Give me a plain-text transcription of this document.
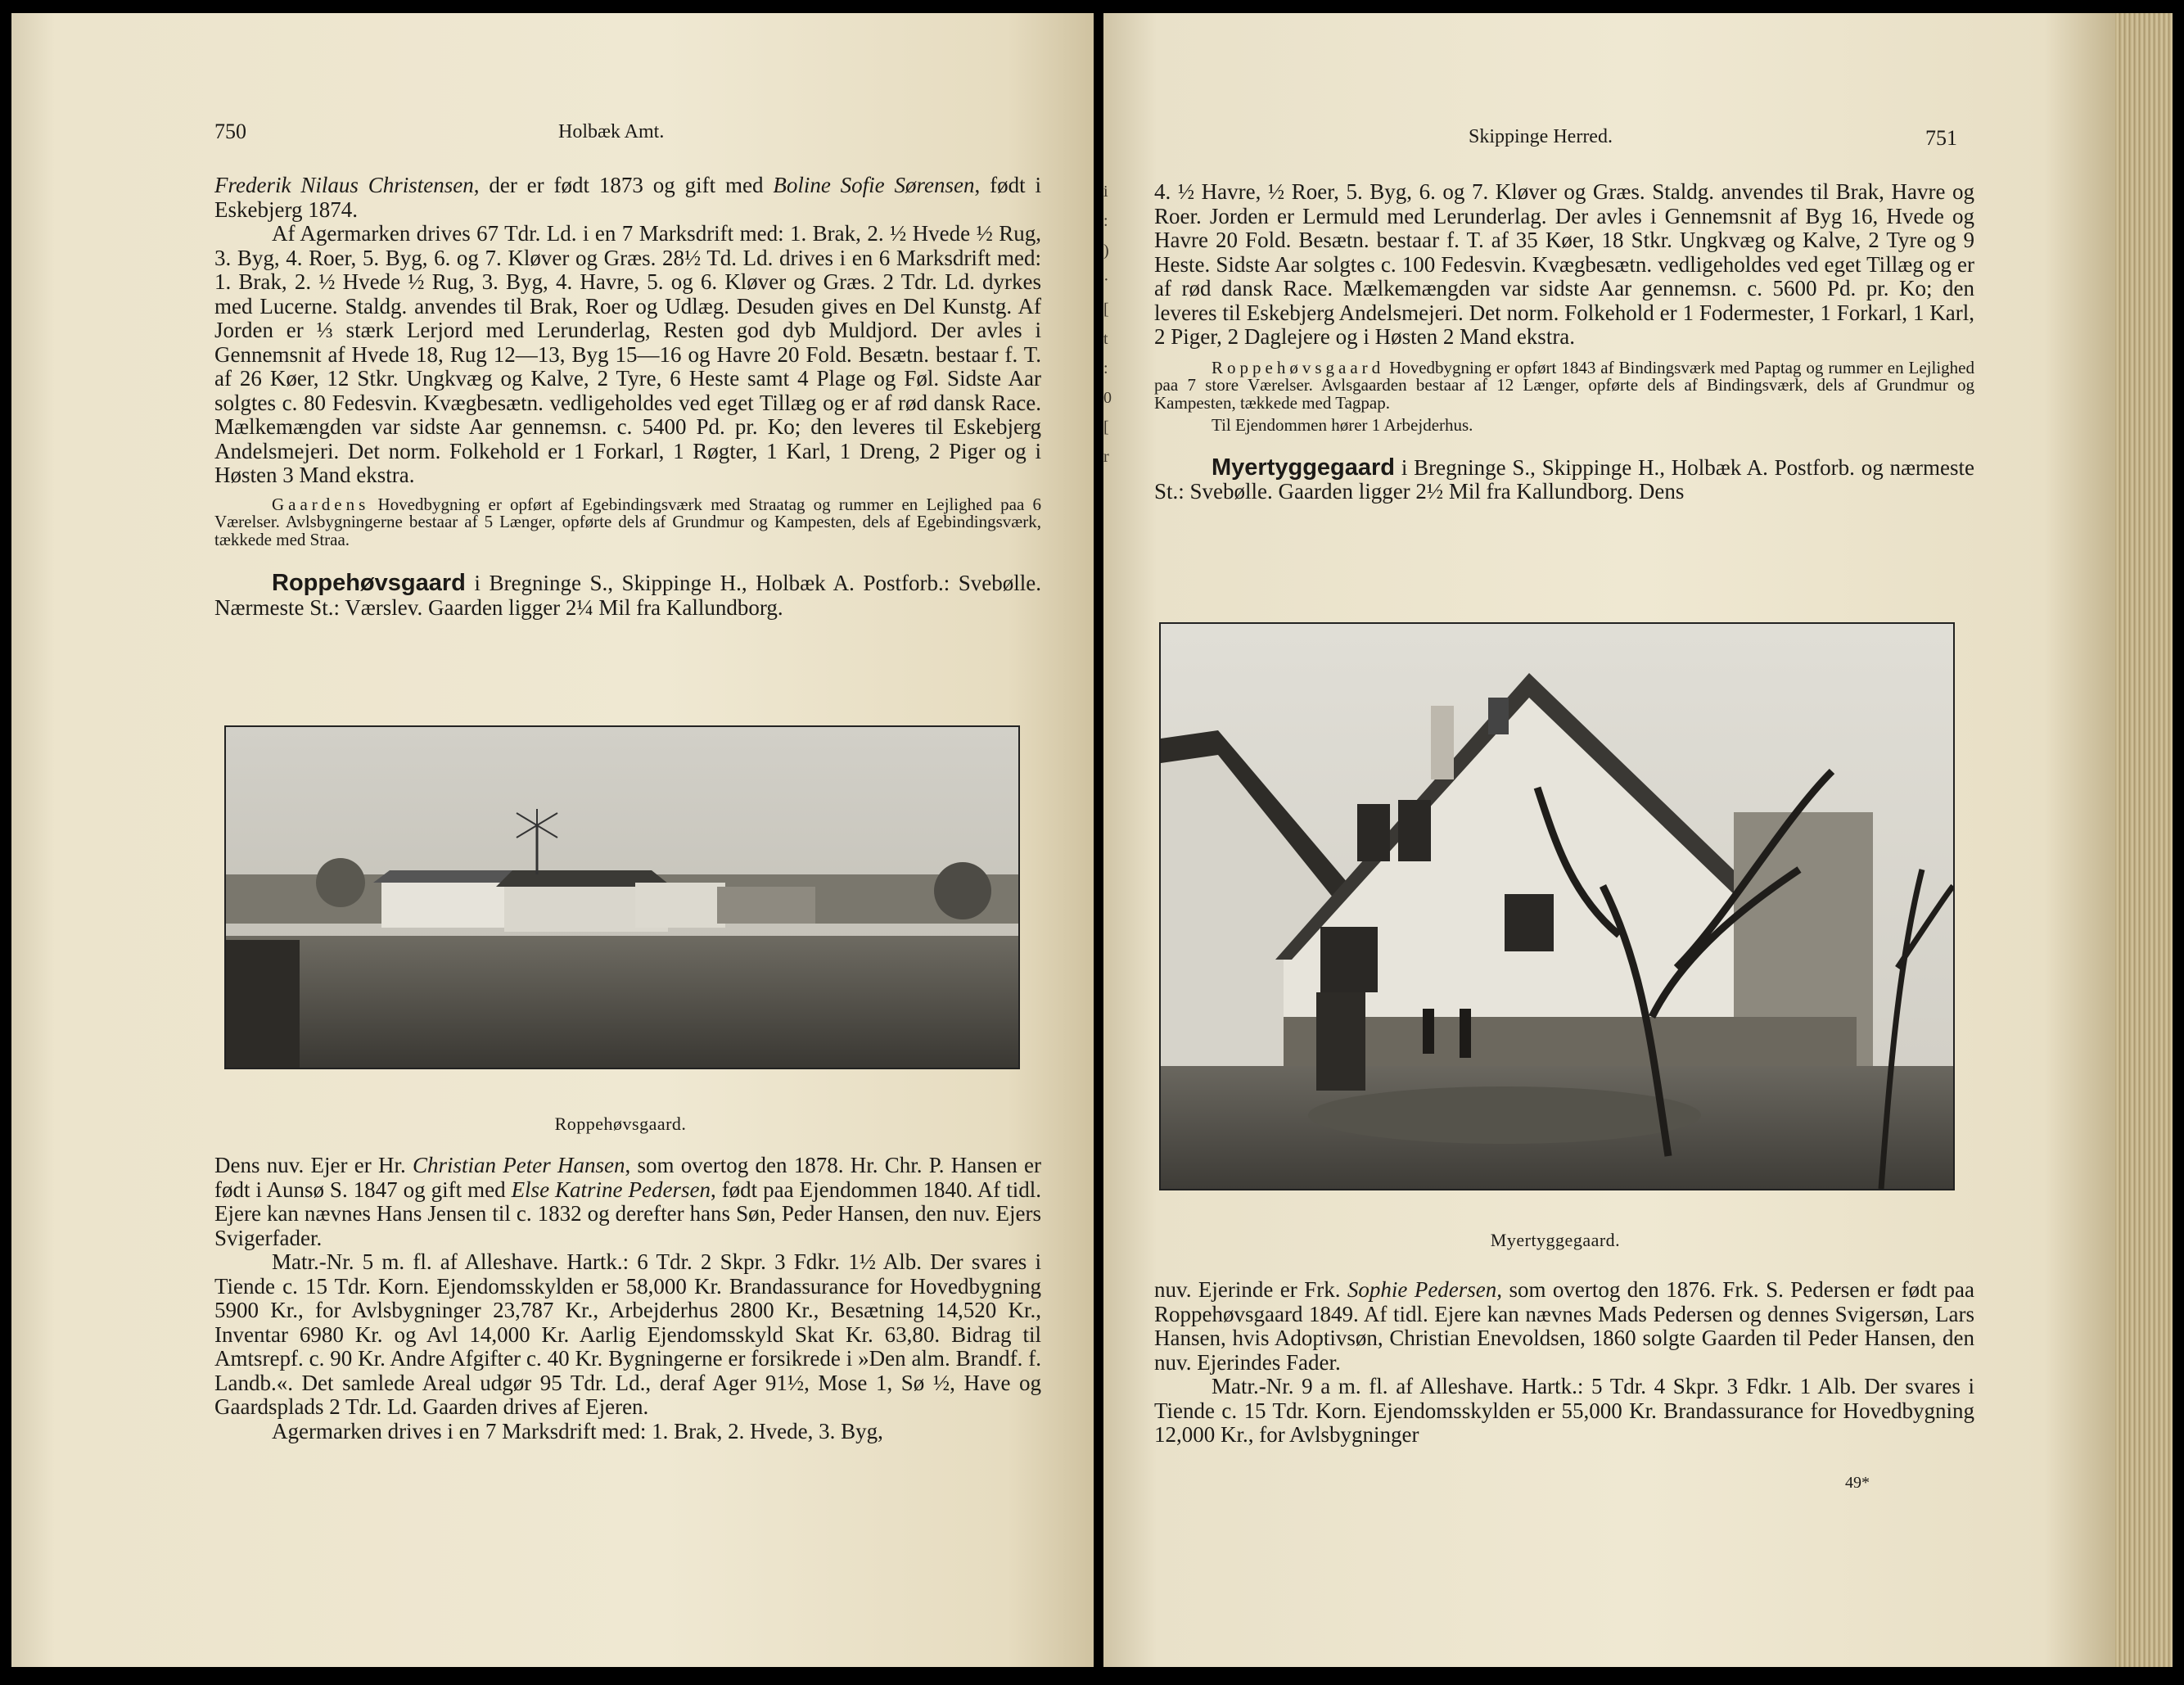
750	Holbæk Amt.

Frederik Nilaus Christensen, der er født 1873 og gift med Boline Sofie Sørensen, født i Eskebjerg 1874.

Af Agermarken drives 67 Tdr. Ld. i en 7 Marksdrift med: 1. Brak, 2. ½ Hvede ½ Rug, 3. Byg, 4. Roer, 5. Byg, 6. og 7. Kløver og Græs. 28½ Td. Ld. drives i en 6 Marksdrift med: 1. Brak, 2. ½ Hvede ½ Rug, 3. Byg, 4. Havre, 5. og 6. Kløver og Græs. 2 Tdr. Ld. dyrkes med Lucerne. Staldg. anvendes til Brak, Roer og Udlæg. Desuden gives en Del Kunstg. Af Jorden er ⅓ stærk Lerjord med Lerunderlag, Resten god dyb Muldjord. Der avles i Gennemsnit af Hvede 18, Rug 12—13, Byg 15—16 og Havre 20 Fold. Besætn. bestaar f. T. af 26 Køer, 12 Stkr. Ungkvæg og Kalve, 2 Tyre, 6 Heste samt 4 Plage og Føl. Sidste Aar solgtes c. 80 Fedesvin. Kvægbesætn. vedligeholdes ved eget Tillæg og er af rød dansk Race. Mælkemængden var sidste Aar gennemsn. c. 5400 Pd. pr. Ko; den leveres til Eskebjerg Andelsmejeri. Det norm. Folkehold er 1 Forkarl, 1 Røgter, 1 Karl, 1 Dreng, 2 Piger og i Høsten 3 Mand ekstra.

Gaardens Hovedbygning er opført af Egebindingsværk med Straatag og rummer en Lejlighed paa 6 Værelser. Avlsbygningerne bestaar af 5 Længer, opførte dels af Grundmur og Kampesten, dels af Egebindingsværk, tækkede med Straa.

Roppehøvsgaard i Bregninge S., Skippinge H., Holbæk A. Postforb.: Svebølle. Nærmeste St.: Værslev. Gaarden ligger 2¼ Mil fra Kallundborg.

Roppehøvsgaard.

Dens nuv. Ejer er Hr. Christian Peter Hansen, som overtog den 1878. Hr. Chr. P. Hansen er født i Aunsø S. 1847 og gift med Else Katrine Pedersen, født paa Ejendommen 1840. Af tidl. Ejere kan nævnes Hans Jensen til c. 1832 og derefter hans Søn, Peder Hansen, den nuv. Ejers Svigerfader.

Matr.-Nr. 5 m. fl. af Alleshave. Hartk.: 6 Tdr. 2 Skpr. 3 Fdkr. 1½ Alb. Der svares i Tiende c. 15 Tdr. Korn. Ejendomsskylden er 58,000 Kr. Brandassurance for Hovedbygning 5900 Kr., for Avlsbygninger 23,787 Kr., Arbejderhus 2800 Kr., Besætning 14,520 Kr., Inventar 6980 Kr. og Avl 14,000 Kr. Aarlig Ejendomsskyld Skat Kr. 63,80. Bidrag til Amtsrepf. c. 90 Kr. Andre Afgifter c. 40 Kr. Bygningerne er forsikrede i »Den alm. Brandf. f. Landb.«. Det samlede Areal udgør 95 Tdr. Ld., deraf Ager 91½, Mose 1, Sø ½, Have og Gaardsplads 2 Tdr. Ld. Gaarden drives af Ejeren.

Agermarken drives i en 7 Marksdrift med: 1. Brak, 2. Hvede, 3. Byg,

i
:
)
·
[
t
:
0
[
r
Skippinge Herred.	751

4. ½ Havre, ½ Roer, 5. Byg, 6. og 7. Kløver og Græs. Staldg. anvendes til Brak, Havre og Roer. Jorden er Lermuld med Lerunderlag. Der avles i Gennemsnit af Byg 16, Hvede og Havre 20 Fold. Besætn. bestaar f. T. af 35 Køer, 18 Stkr. Ungkvæg og Kalve, 2 Tyre og 9 Heste. Sidste Aar solgtes c. 100 Fedesvin. Kvægbesætn. vedligeholdes ved eget Tillæg og er af rød dansk Race. Mælkemængden var sidste Aar gennemsn. c. 5600 Pd. pr. Ko; den leveres til Eskebjerg Andelsmejeri. Det norm. Folkehold er 1 Fodermester, 1 Forkarl, 1 Karl, 2 Piger, 2 Daglejere og i Høsten 2 Mand ekstra.

Roppehøvsgaard Hovedbygning er opført 1843 af Bindingsværk med Paptag og rummer en Lejlighed paa 7 store Værelser. Avlsgaarden bestaar af 12 Længer, opførte dels af Bindingsværk, dels af Grundmur og Kampesten, tækkede med Tagpap.

Til Ejendommen hører 1 Arbejderhus.

Myertyggegaard i Bregninge S., Skippinge H., Holbæk A. Postforb. og nærmeste St.: Svebølle. Gaarden ligger 2½ Mil fra Kallundborg. Dens

Myertyggegaard.

nuv. Ejerinde er Frk. Sophie Pedersen, som overtog den 1876. Frk. S. Pedersen er født paa Roppehøvsgaard 1849. Af tidl. Ejere kan nævnes Mads Pedersen og dennes Svigersøn, Lars Hansen, hvis Adoptivsøn, Christian Enevoldsen, 1860 solgte Gaarden til Peder Hansen, den nuv. Ejerindes Fader.

Matr.-Nr. 9 a m. fl. af Alleshave. Hartk.: 5 Tdr. 4 Skpr. 3 Fdkr. 1 Alb. Der svares i Tiende c. 15 Tdr. Korn. Ejendomsskylden er 55,000 Kr. Brandassurance for Hovedbygning 12,000 Kr., for Avlsbygninger

49*
